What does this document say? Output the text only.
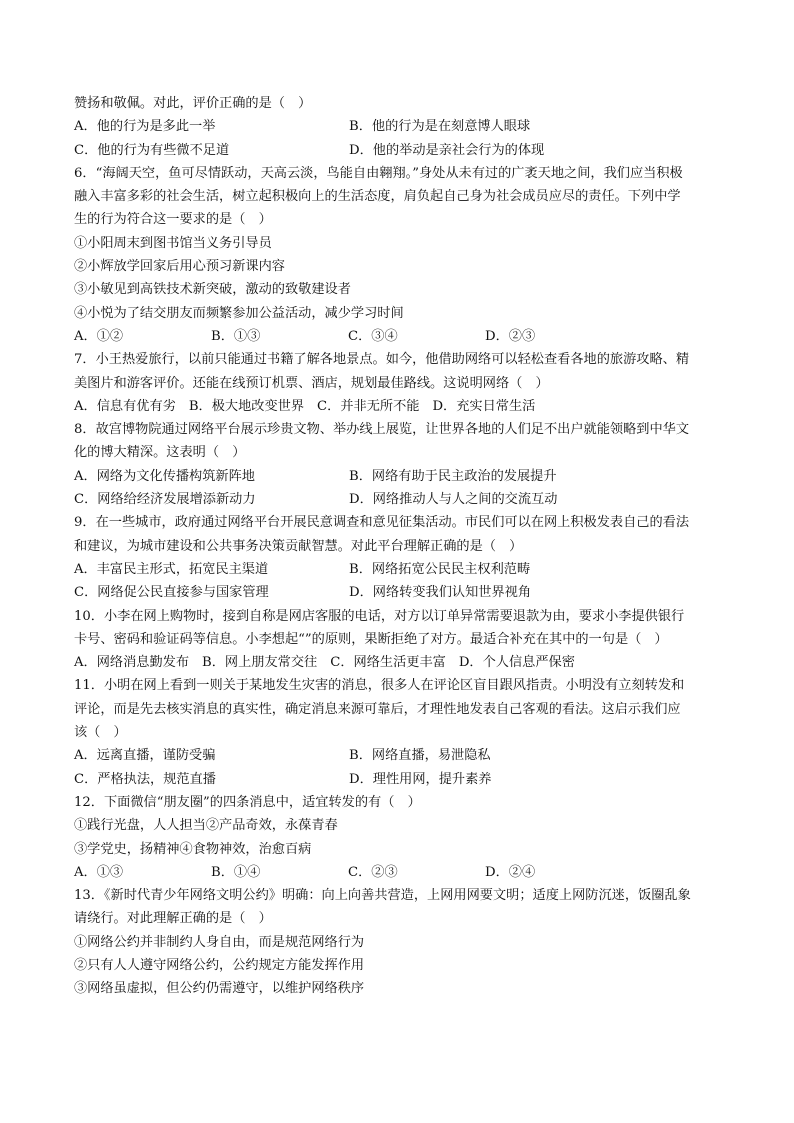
赞扬和敬佩。对此，评价正确的是（　）
A．他的行为是多此一举	B．他的行为是在刻意博人眼球
C．他的行为有些微不足道	D．他的举动是亲社会行为的体现
6．“海阔天空，鱼可尽情跃动，天高云淡，鸟能自由翱翔。”身处从未有过的广袤天地之间，我们应当积极
融入丰富多彩的社会生活，树立起积极向上的生活态度，肩负起自己身为社会成员应尽的责任。下列中学
生的行为符合这一要求的是（　）
①小阳周末到图书馆当义务引导员
②小辉放学回家后用心预习新课内容
③小敏见到高铁技术新突破，激动的致敬建设者
④小悦为了结交朋友而频繁参加公益活动，减少学习时间
A．①②	B．①③	C．③④	D．②③
7．小王热爱旅行，以前只能通过书籍了解各地景点。如今，他借助网络可以轻松查看各地的旅游攻略、精
美图片和游客评价。还能在线预订机票、酒店，规划最佳路线。这说明网络（　）
A．信息有优有劣 B．极大地改变世界 C．并非无所不能 D．充实日常生活
8．故宫博物院通过网络平台展示珍贵文物、举办线上展览，让世界各地的人们足不出户就能领略到中华文
化的博大精深。这表明（　）
A．网络为文化传播构筑新阵地	B．网络有助于民主政治的发展提升
C．网络给经济发展增添新动力	D．网络推动人与人之间的交流互动
9．在一些城市，政府通过网络平台开展民意调查和意见征集活动。市民们可以在网上积极发表自己的看法
和建议，为城市建设和公共事务决策贡献智慧。对此平台理解正确的是（　）
A．丰富民主形式，拓宽民主渠道	B．网络拓宽公民民主权利范畴
C．网络促公民直接参与国家管理	D．网络转变我们认知世界视角
10．小李在网上购物时，接到自称是网店客服的电话，对方以订单异常需要退款为由，要求小李提供银行
卡号、密码和验证码等信息。小李想起“”的原则，果断拒绝了对方。最适合补充在其中的一句是（　）
A．网络消息勤发布 B．网上朋友常交往 C．网络生活更丰富 D．个人信息严保密
11．小明在网上看到一则关于某地发生灾害的消息，很多人在评论区盲目跟风指责。小明没有立刻转发和
评论，而是先去核实消息的真实性，确定消息来源可靠后，才理性地发表自己客观的看法。这启示我们应
该（　）
A．远离直播，谨防受骗	B．网络直播，易泄隐私
C．严格执法，规范直播	D．理性用网，提升素养
12．下面微信“朋友圈”的四条消息中，适宜转发的有（　）
①践行光盘，人人担当②产品奇效，永葆青春
③学党史，扬精神④食物神效，治愈百病
A．①③	B．①④	C．②③	D．②④
13．《新时代青少年网络文明公约》明确：向上向善共营造，上网用网要文明；适度上网防沉迷，饭圈乱象
请绕行。对此理解正确的是（　）
①网络公约并非制约人身自由，而是规范网络行为
②只有人人遵守网络公约，公约规定方能发挥作用
③网络虽虚拟，但公约仍需遵守，以维护网络秩序
